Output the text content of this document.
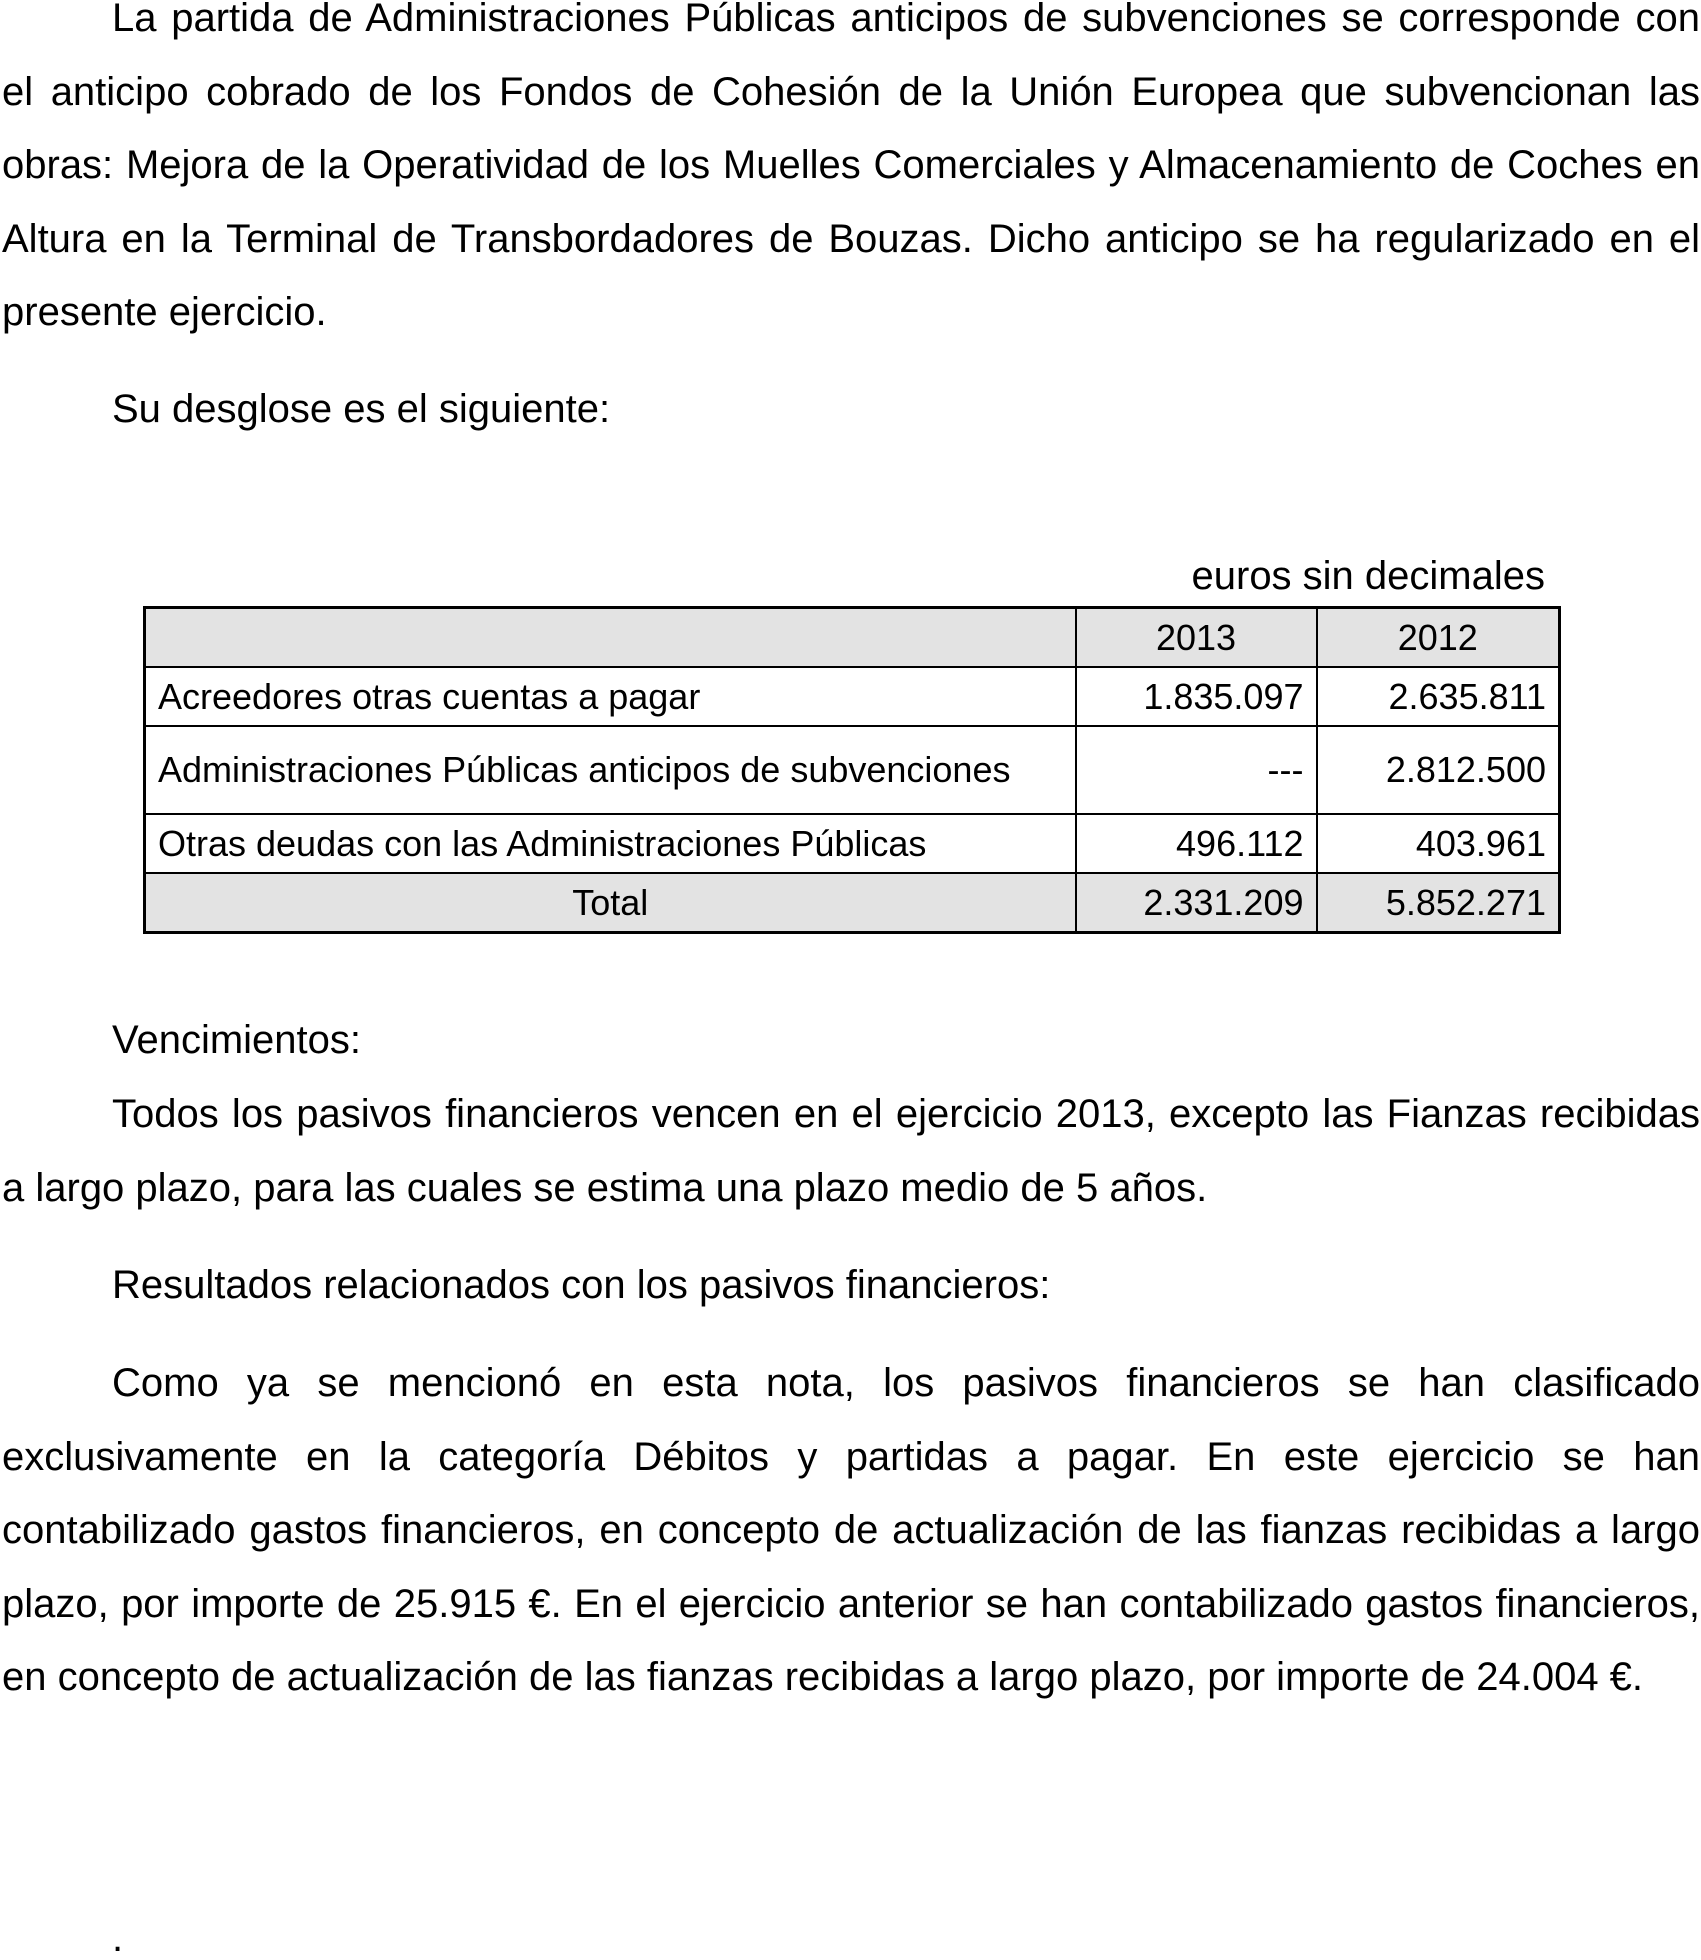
La partida de Administraciones Públicas anticipos de subvenciones se corresponde con el anticipo cobrado de los Fondos de Cohesión de la Unión Europea que subvencionan las obras: Mejora de la Operatividad de los Muelles Comerciales y Almacenamiento de Coches en Altura en la Terminal de Transbordadores de Bouzas. Dicho anticipo se ha regularizado en el presente ejercicio.

Su desglose es el siguiente:

euros sin decimales
	2013	2012
Acreedores otras cuentas a pagar	1.835.097	2.635.811
Administraciones Públicas anticipos de subvenciones	---	2.812.500
Otras deudas con las Administraciones Públicas	496.112	403.961
Total	2.331.209	5.852.271

Vencimientos:

Todos los pasivos financieros vencen en el ejercicio 2013, excepto las Fianzas recibidas a largo plazo, para las cuales se estima una plazo medio de 5 años.

Resultados relacionados con los pasivos financieros:

Como ya se mencionó en esta nota, los pasivos financieros se han clasificado exclusivamente en la categoría Débitos y partidas a pagar. En este ejercicio se han contabilizado gastos financieros, en concepto de actualización de las fianzas recibidas a largo plazo, por importe de 25.915 €. En el ejercicio anterior se han contabilizado gastos financieros, en concepto de actualización de las fianzas recibidas a largo plazo, por importe de 24.004 €.

.
